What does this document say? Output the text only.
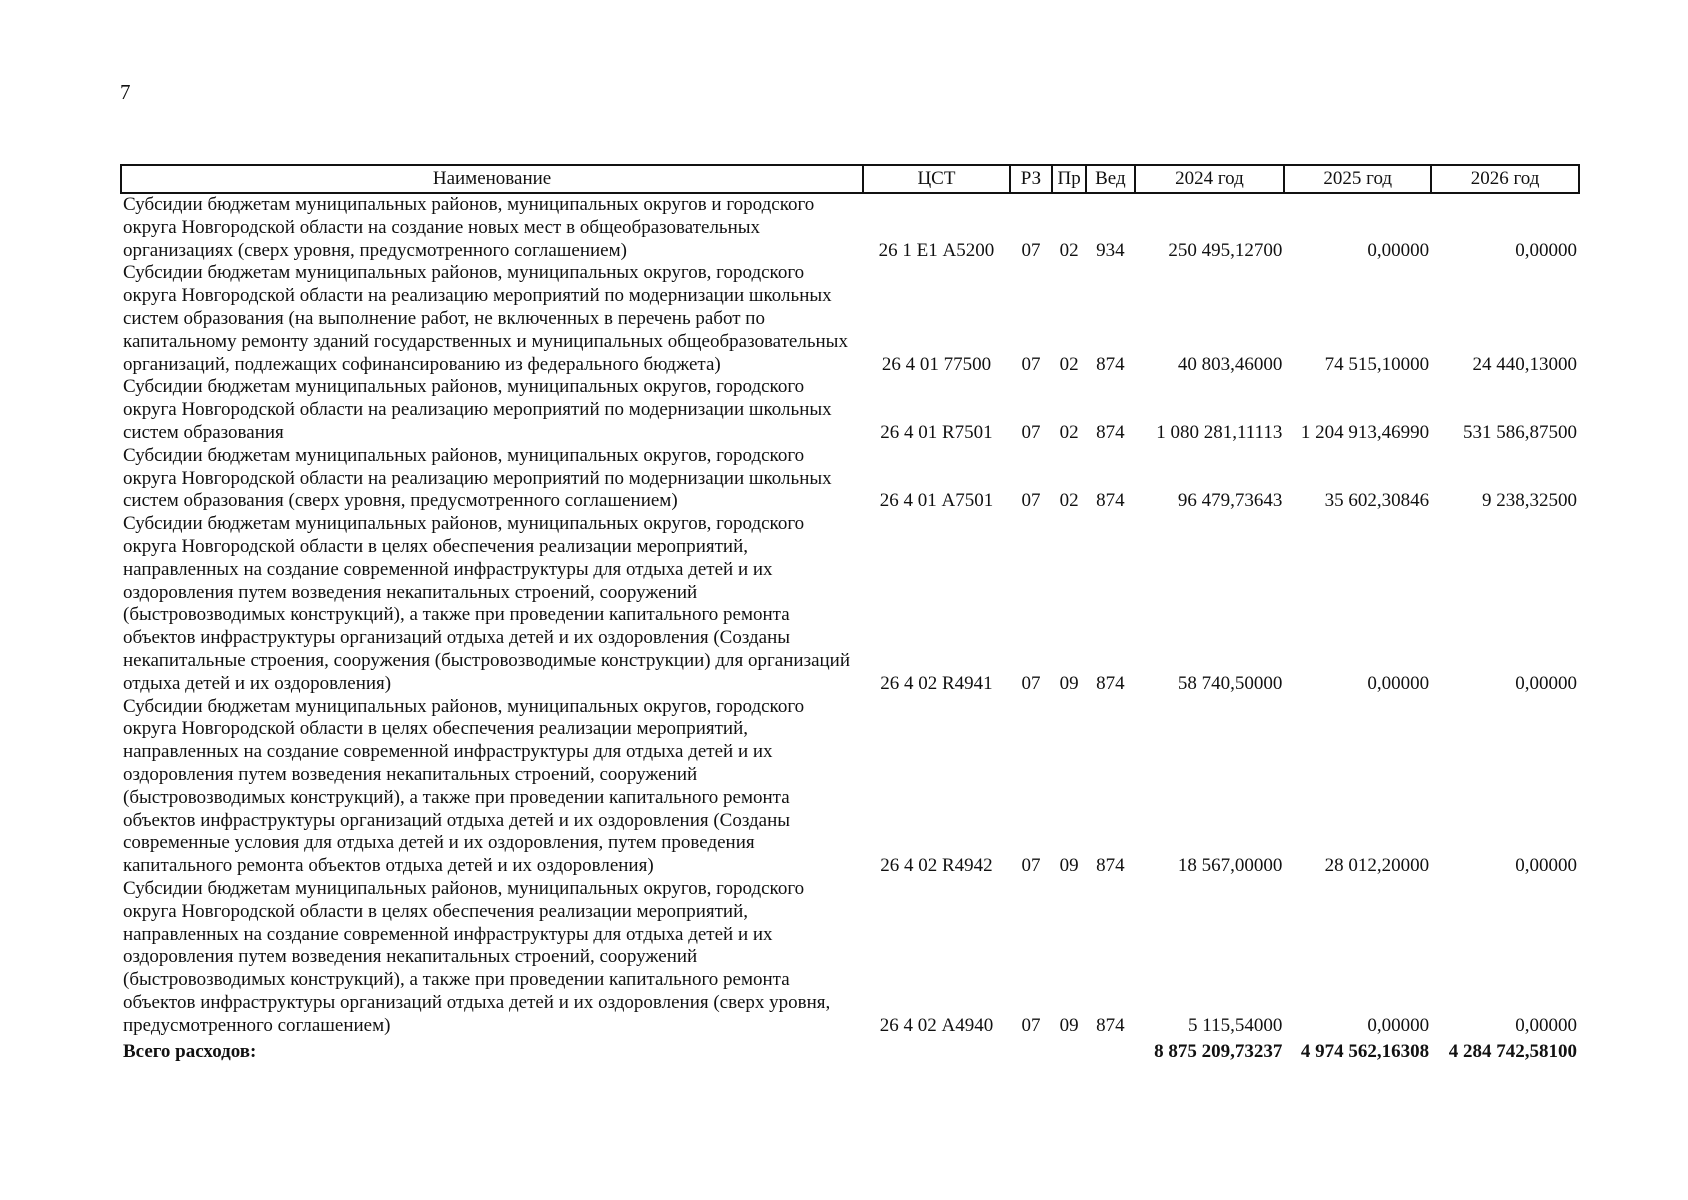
7
Наименование	ЦСТ	РЗ	Пр	Вед	2024 год	2025 год	2026 год
Субсидии бюджетам муниципальных районов, муниципальных округов и городского округа Новгородской области на создание новых мест в общеобразовательных организациях (сверх уровня, предусмотренного соглашением)	26 1 Е1 А5200	07	02	934	250 495,12700	0,00000	0,00000
Субсидии бюджетам муниципальных районов, муниципальных округов, городского округа Новгородской области на реализацию мероприятий по модернизации школьных систем образования (на выполнение работ, не включенных в перечень работ по капитальному ремонту зданий государственных и муниципальных общеобразовательных организаций, подлежащих софинансированию из федерального бюджета)	26 4 01 77500	07	02	874	40 803,46000	74 515,10000	24 440,13000
Субсидии бюджетам муниципальных районов, муниципальных округов, городского округа Новгородской области на реализацию мероприятий по модернизации школьных систем образования	26 4 01 R7501	07	02	874	1 080 281,11113	1 204 913,46990	531 586,87500
Субсидии бюджетам муниципальных районов, муниципальных округов, городского округа Новгородской области на реализацию мероприятий по модернизации школьных систем образования (сверх уровня, предусмотренного соглашением)	26 4 01 А7501	07	02	874	96 479,73643	35 602,30846	9 238,32500
Субсидии бюджетам муниципальных районов, муниципальных округов, городского округа Новгородской области в целях обеспечения реализации мероприятий, направленных на создание современной инфраструктуры для отдыха детей и их оздоровления путем возведения некапитальных строений, сооружений (быстровозводимых конструкций), а также при проведении капитального ремонта объектов инфраструктуры организаций отдыха детей и их оздоровления (Созданы некапитальные строения, сооружения (быстровозводимые конструкции) для организаций отдыха детей и их оздоровления)	26 4 02 R4941	07	09	874	58 740,50000	0,00000	0,00000
Субсидии бюджетам муниципальных районов, муниципальных округов, городского округа Новгородской области в целях обеспечения реализации мероприятий, направленных на создание современной инфраструктуры для отдыха детей и их оздоровления путем возведения некапитальных строений, сооружений (быстровозводимых конструкций), а также при проведении капитального ремонта объектов инфраструктуры организаций отдыха детей и их оздоровления (Созданы современные условия для отдыха детей и их оздоровления, путем проведения капитального ремонта объектов отдыха детей и их оздоровления)	26 4 02 R4942	07	09	874	18 567,00000	28 012,20000	0,00000
Субсидии бюджетам муниципальных районов, муниципальных округов, городского округа Новгородской области в целях обеспечения реализации мероприятий, направленных на создание современной инфраструктуры для отдыха детей и их оздоровления путем возведения некапитальных строений, сооружений (быстровозводимых конструкций), а также при проведении капитального ремонта объектов инфраструктуры организаций отдыха детей и их оздоровления (сверх уровня, предусмотренного соглашением)	26 4 02 А4940	07	09	874	5 115,54000	0,00000	0,00000
Всего расходов:					8 875 209,73237	4 974 562,16308	4 284 742,58100
